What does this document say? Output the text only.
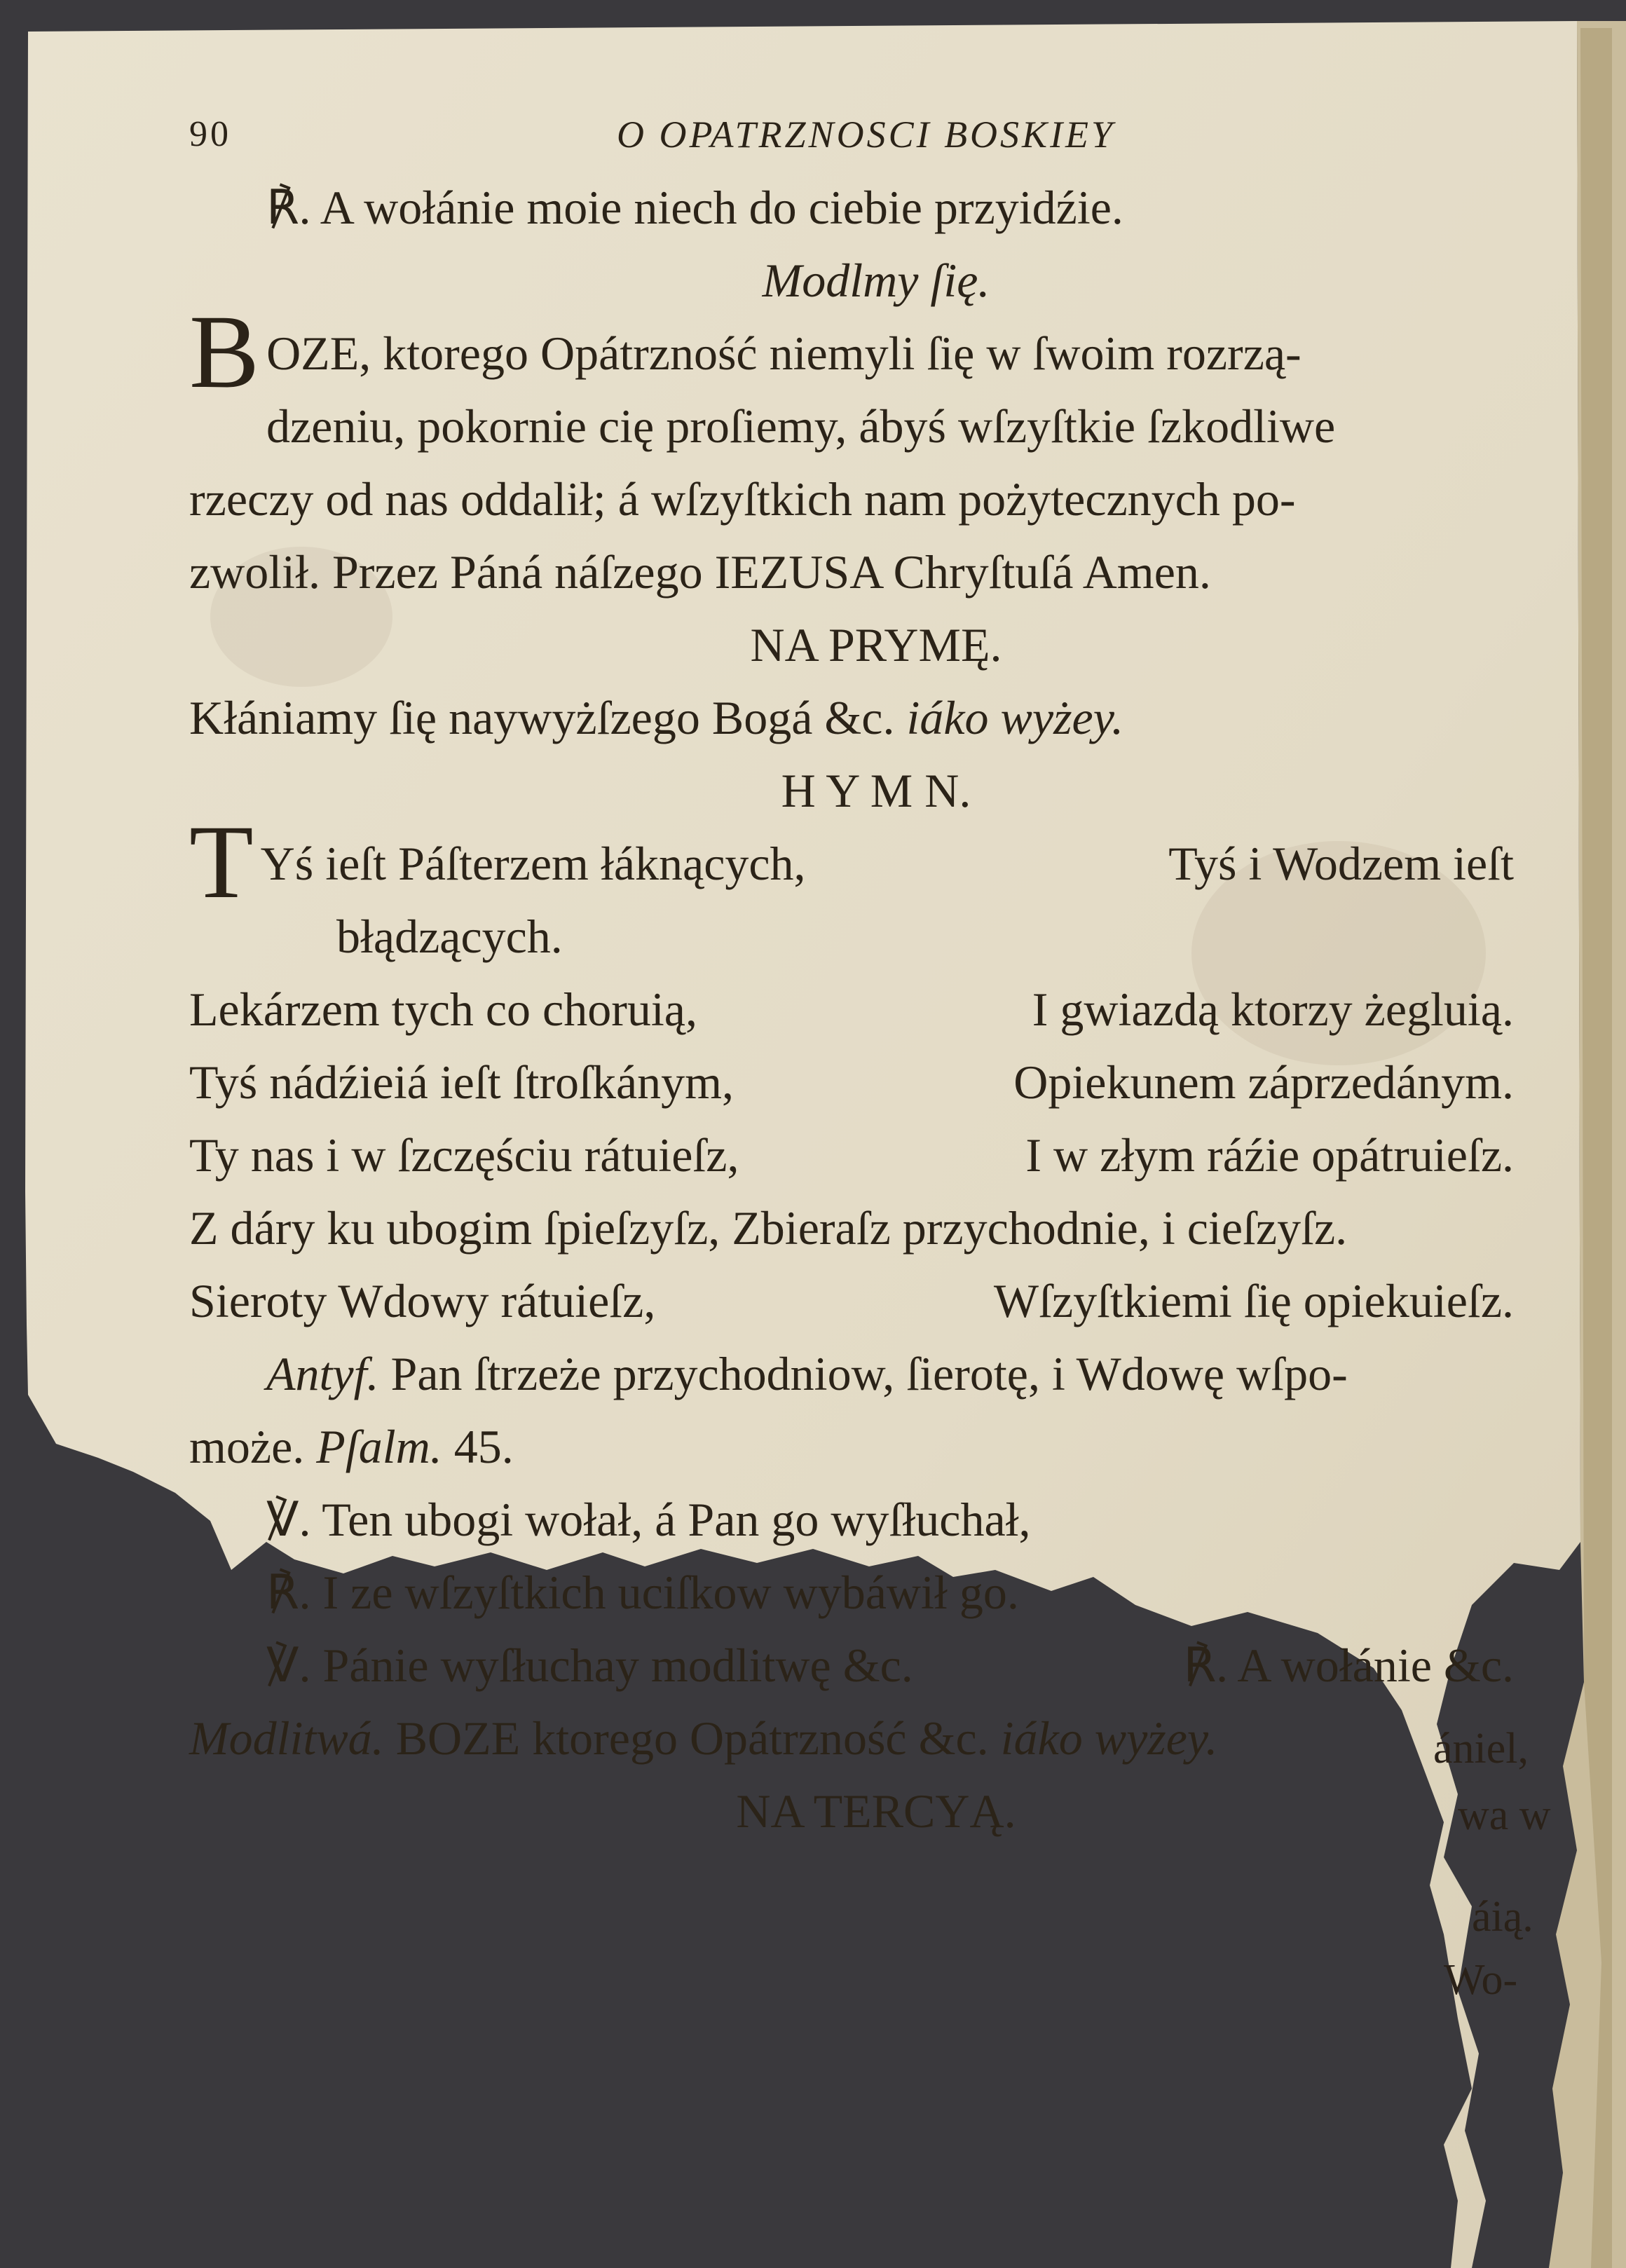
ániel,
wa w
áią.
Wo-
90	O OPATRZNOSCI BOSKIEY
℟. A wołánie moie niech do ciebie przyidźie.
Modlmy ſię.
BOZE, ktorego Opátrzność niemyli ſię w ſwoim rozrzą-
dzeniu, pokornie cię proſiemy, ábyś wſzyſtkie ſzkodliwe
rzeczy od nas oddalił; á wſzyſtkich nam pożytecznych po-
zwolił. Przez Páná náſzego IEZUSA Chryſtuſá Amen.
NA PRYMĘ.
Kłániamy ſię naywyżſzego Bogá &c. iáko wyżey.
H Y M N.
T Yś ieſt Páſterzem łáknących,	Tyś i Wodzem ieſt
błądzących.
Lekárzem tych co choruią,	I gwiazdą ktorzy żegluią.
Tyś nádźieiá ieſt ſtroſkánym,	Opiekunem záprzedánym.
Ty nas i w ſzczęściu rátuieſz,	I w złym ráźie opátruieſz.
Z dáry ku ubogim ſpieſzyſz, Zbieraſz przychodnie, i cieſzyſz.
Sieroty Wdowy rátuieſz,	Wſzyſtkiemi ſię opiekuieſz.
Antyf. Pan ſtrzeże przychodniow, ſierotę, i Wdowę wſpo-
może. Pſalm. 45.
℣. Ten ubogi wołał, á Pan go wyſłuchał,
℟. I ze wſzyſtkich uciſkow wybáwił go.
℣. Pánie wyſłuchay modlitwę &c.	℟. A wołánie &c.
Modlitwá. BOZE ktorego Opátrzność &c. iáko wyżey.
NA TERCYĄ.
